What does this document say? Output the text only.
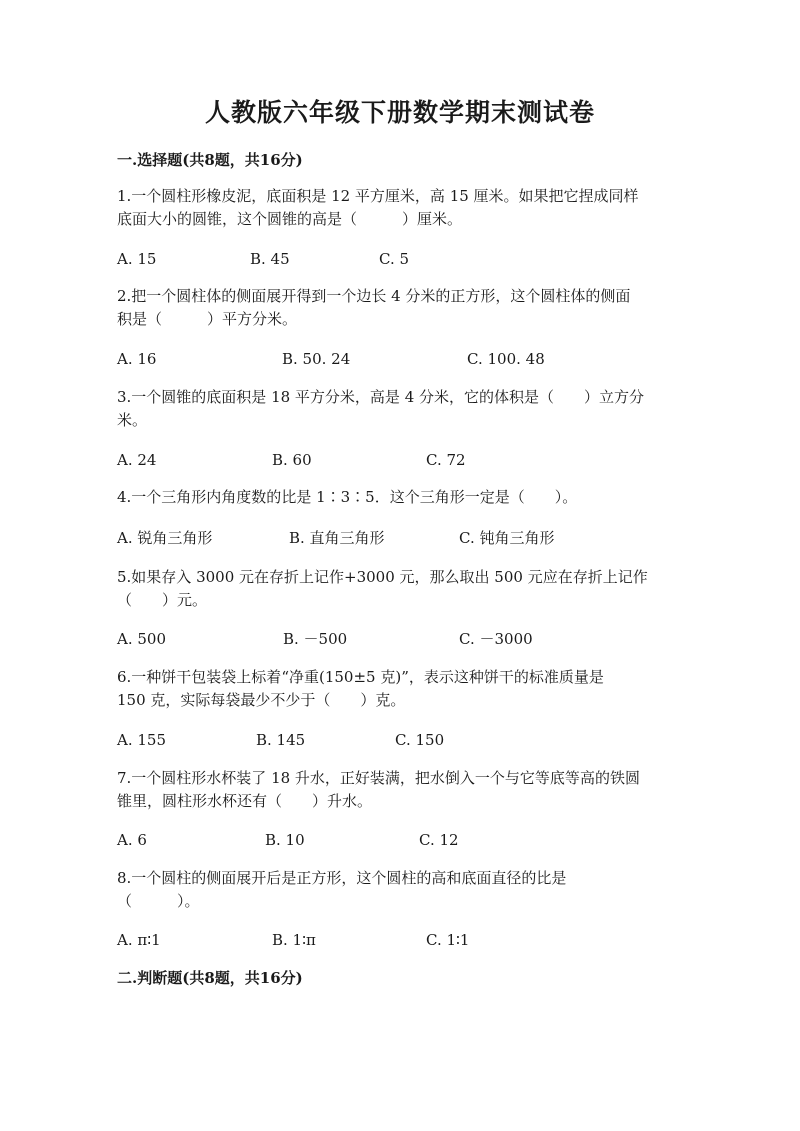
人教版六年级下册数学期末测试卷
一.选择题(共8题，共16分)
1.一个圆柱形橡皮泥，底面积是 12 平方厘米，高 15 厘米。如果把它捏成同样
底面大小的圆锥，这个圆锥的高是（　　　）厘米。
A. 15	B. 45	C. 5
2.把一个圆柱体的侧面展开得到一个边长 4 分米的正方形，这个圆柱体的侧面
积是（　　　）平方分米。
A. 16	B. 50. 24	C. 100. 48
3.一个圆锥的底面积是 18 平方分米，高是 4 分米，它的体积是（　　）立方分
米。
A. 24	B. 60	C. 72
4.一个三角形内角度数的比是 1∶3∶5．这个三角形一定是（　　）。
A. 锐角三角形	B. 直角三角形	C. 钝角三角形
5.如果存入 3000 元在存折上记作+3000 元，那么取出 500 元应在存折上记作
（　　）元。
A. 500	B. －500	C. －3000
6.一种饼干包装袋上标着“净重(150±5 克)”，表示这种饼干的标准质量是
150 克，实际每袋最少不少于（　　）克。
A. 155	B. 145	C. 150
7.一个圆柱形水杯装了 18 升水，正好装满，把水倒入一个与它等底等高的铁圆
锥里，圆柱形水杯还有（　　）升水。
A. 6	B. 10	C. 12
8.一个圆柱的侧面展开后是正方形，这个圆柱的高和底面直径的比是
（　　　）。
A. π∶1	B. 1∶π	C. 1∶1
二.判断题(共8题，共16分)
